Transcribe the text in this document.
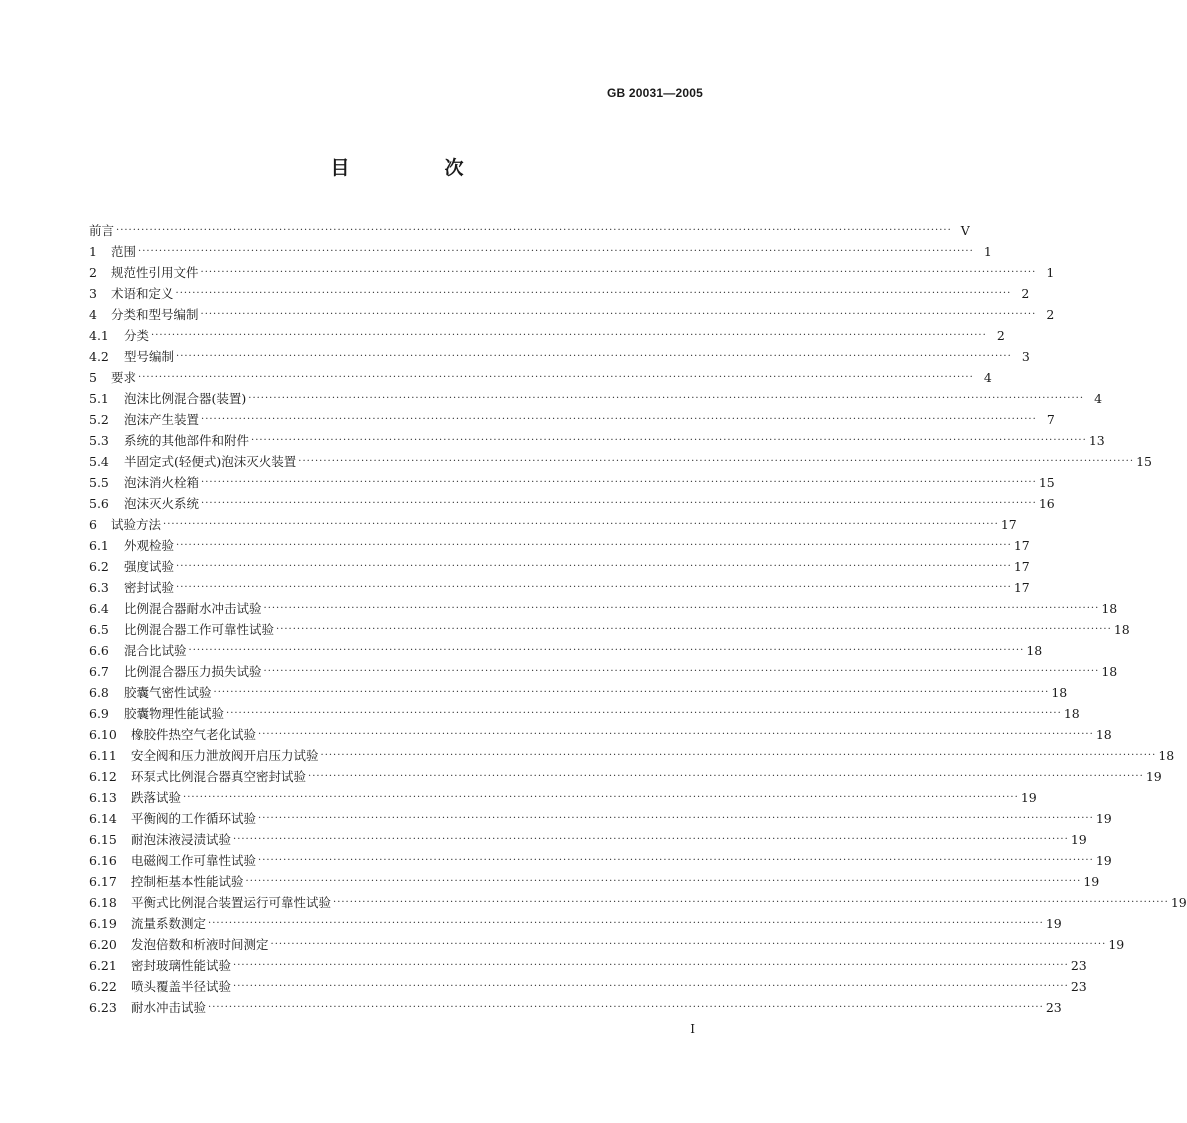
GB 20031—2005
目　次
前言 ········································································································································································································ Ⅴ
1	范围 ········································································································································································································ 1
2	规范性引用文件 ········································································································································································································ 1
3	术语和定义 ········································································································································································································ 2
4	分类和型号编制 ········································································································································································································ 2
4.1	分类 ········································································································································································································ 2
4.2	型号编制 ········································································································································································································ 3
5	要求 ········································································································································································································ 4
5.1	泡沫比例混合器(装置) ········································································································································································································ 4
5.2	泡沫产生装置 ········································································································································································································ 7
5.3	系统的其他部件和附件 ········································································································································································································ 13
5.4	半固定式(轻便式)泡沫灭火装置 ········································································································································································································ 15
5.5	泡沫消火栓箱 ········································································································································································································ 15
5.6	泡沫灭火系统 ········································································································································································································ 16
6	试验方法 ········································································································································································································ 17
6.1	外观检验 ········································································································································································································ 17
6.2	强度试验 ········································································································································································································ 17
6.3	密封试验 ········································································································································································································ 17
6.4	比例混合器耐水冲击试验 ········································································································································································································ 18
6.5	比例混合器工作可靠性试验 ········································································································································································································ 18
6.6	混合比试验 ········································································································································································································ 18
6.7	比例混合器压力损失试验 ········································································································································································································ 18
6.8	胶囊气密性试验 ········································································································································································································ 18
6.9	胶囊物理性能试验 ········································································································································································································ 18
6.10	橡胶件热空气老化试验 ········································································································································································································ 18
6.11	安全阀和压力泄放阀开启压力试验 ········································································································································································································ 18
6.12	环泵式比例混合器真空密封试验 ········································································································································································································ 19
6.13	跌落试验 ········································································································································································································ 19
6.14	平衡阀的工作循环试验 ········································································································································································································ 19
6.15	耐泡沫液浸渍试验 ········································································································································································································ 19
6.16	电磁阀工作可靠性试验 ········································································································································································································ 19
6.17	控制柜基本性能试验 ········································································································································································································ 19
6.18	平衡式比例混合装置运行可靠性试验 ········································································································································································································ 19
6.19	流量系数测定 ········································································································································································································ 19
6.20	发泡倍数和析液时间测定 ········································································································································································································ 19
6.21	密封玻璃性能试验 ········································································································································································································ 23
6.22	喷头覆盖半径试验 ········································································································································································································ 23
6.23	耐水冲击试验 ········································································································································································································ 23
I
